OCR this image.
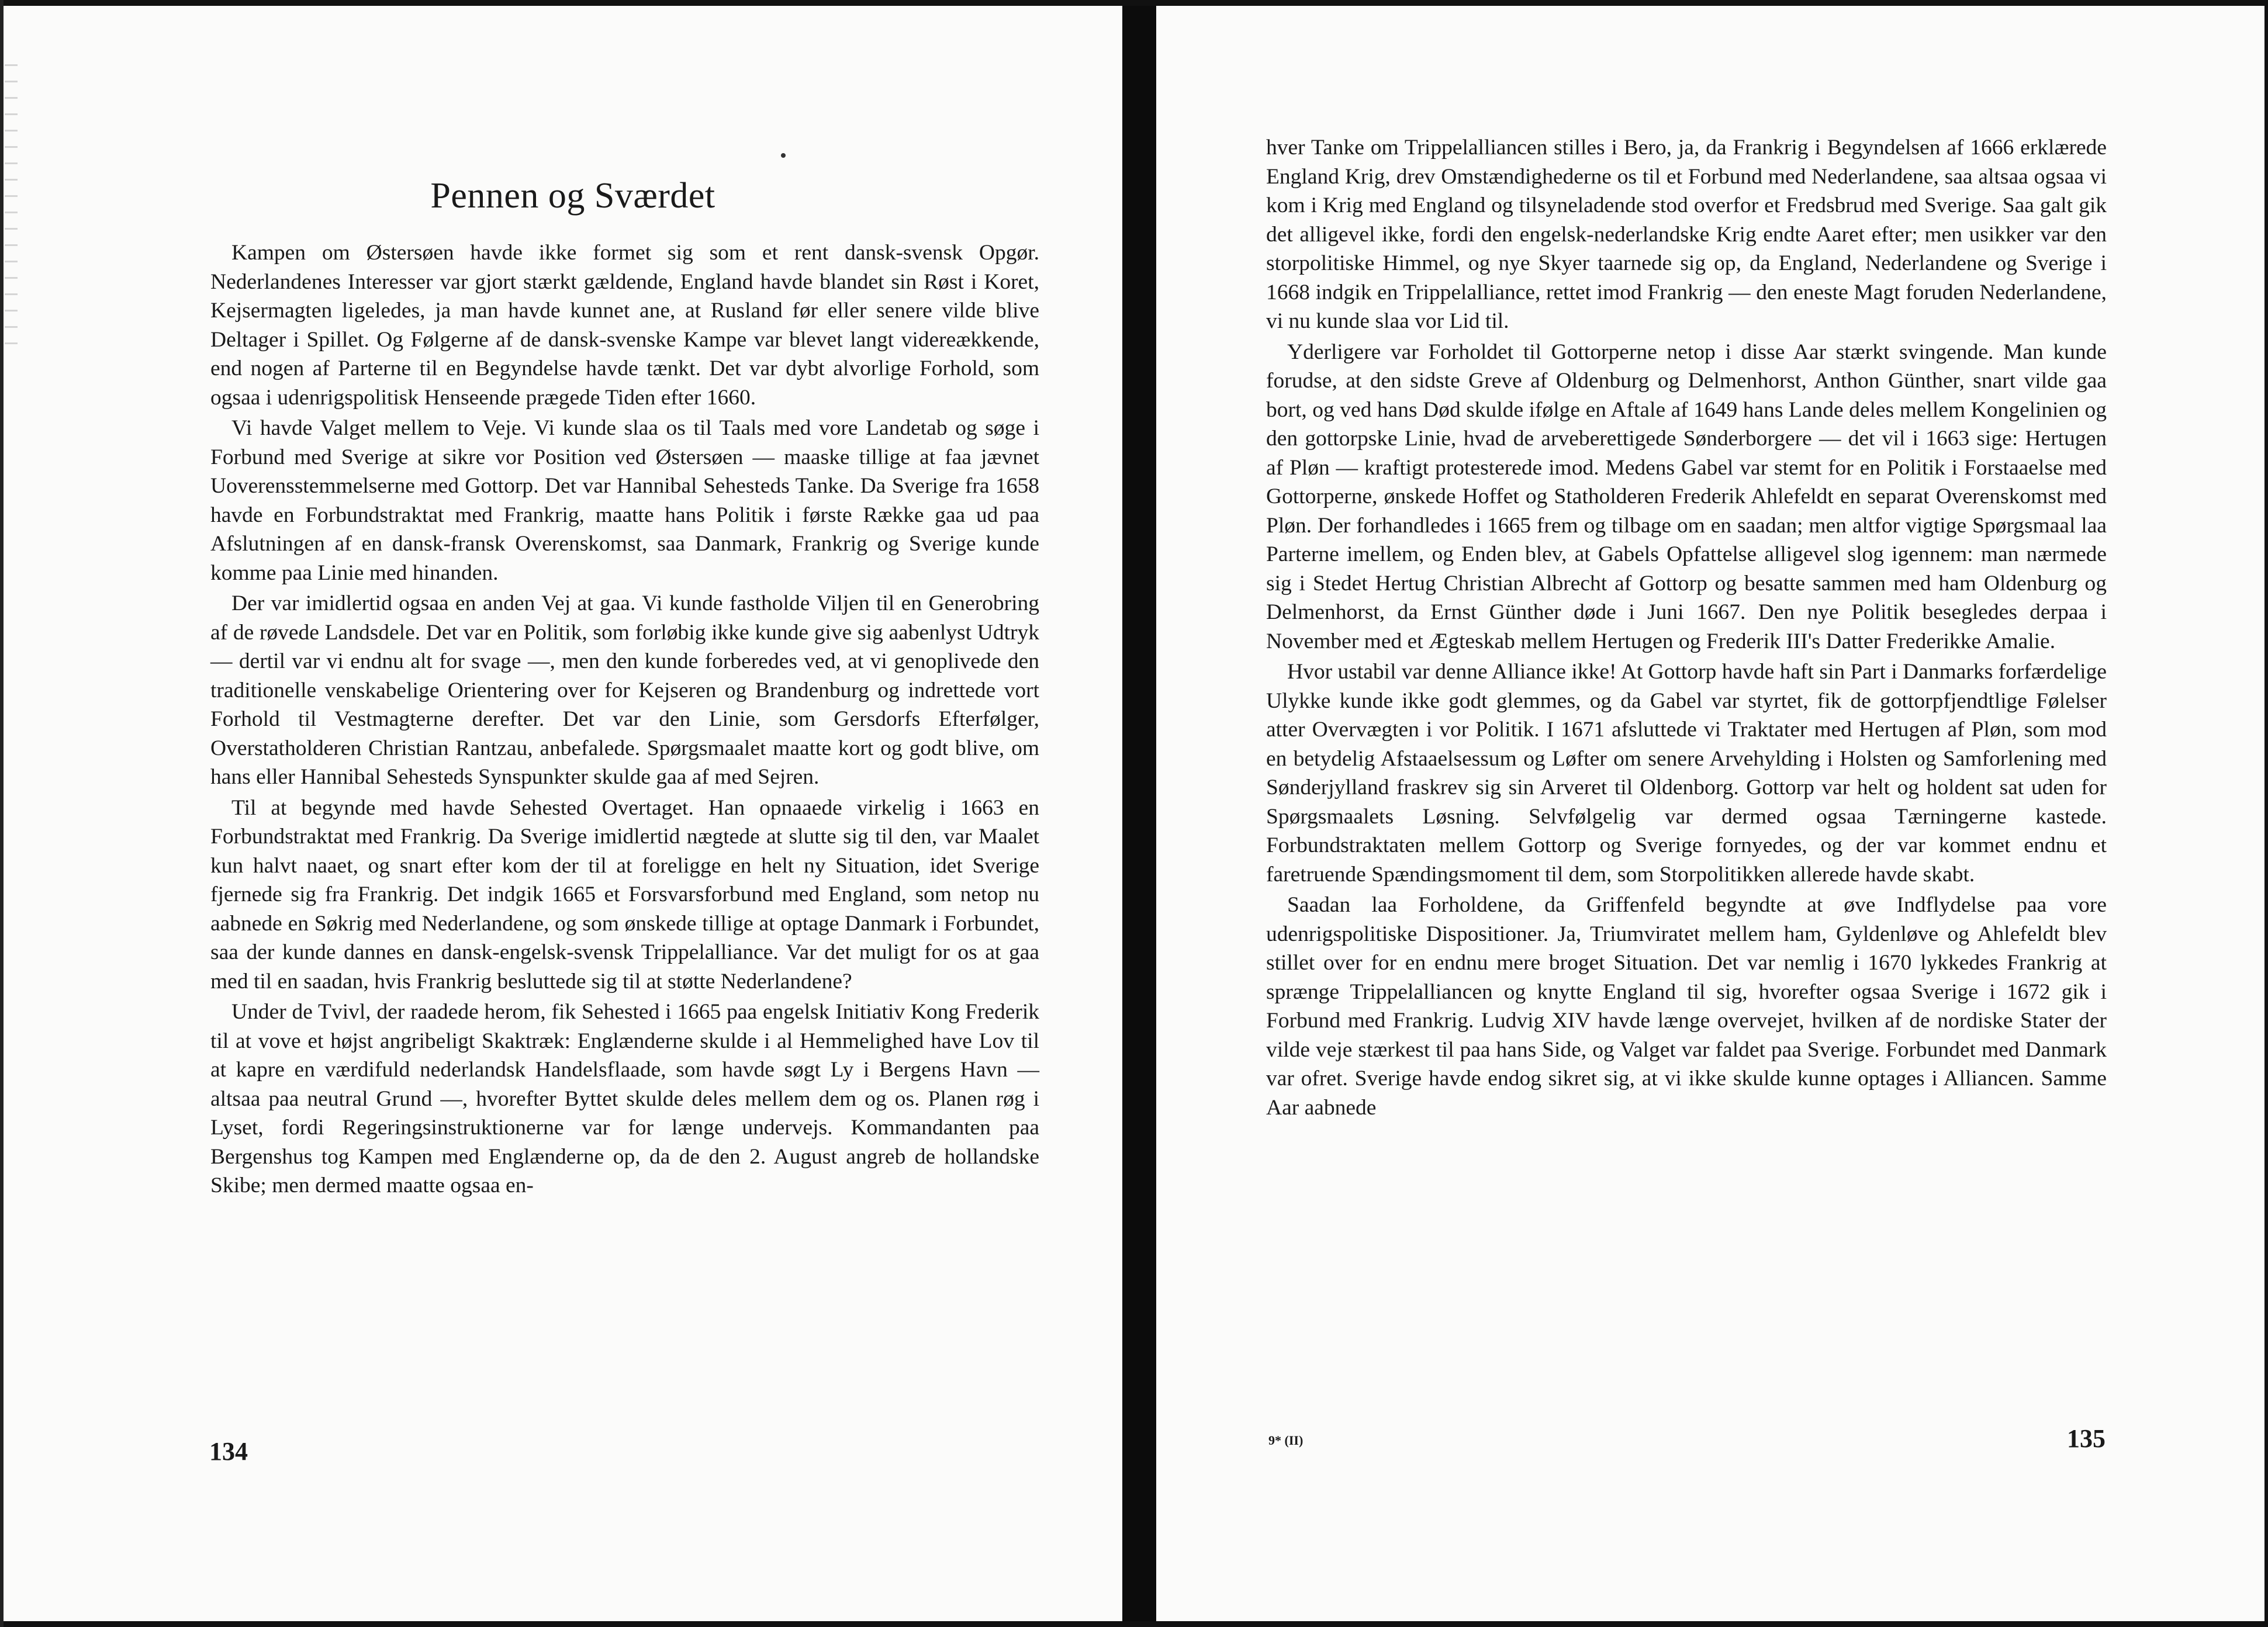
Pennen og Sværdet

Kampen om Østersøen havde ikke formet sig som et rent dansk-svensk Opgør. Nederlandenes Interesser var gjort stærkt gældende, England havde blandet sin Røst i Koret, Kejsermagten ligeledes, ja man havde kunnet ane, at Rusland før eller senere vilde blive Deltager i Spillet. Og Følgerne af de dansk-svenske Kampe var blevet langt videreækkende, end nogen af Parterne til en Begyndelse havde tænkt. Det var dybt alvorlige Forhold, som ogsaa i udenrigspolitisk Henseende prægede Tiden efter 1660.

Vi havde Valget mellem to Veje. Vi kunde slaa os til Taals med vore Landetab og søge i Forbund med Sverige at sikre vor Position ved Østersøen — maaske tillige at faa jævnet Uoverensstemmelserne med Gottorp. Det var Hannibal Sehesteds Tanke. Da Sverige fra 1658 havde en Forbundstraktat med Frankrig, maatte hans Politik i første Række gaa ud paa Afslutningen af en dansk-fransk Overenskomst, saa Danmark, Frankrig og Sverige kunde komme paa Linie med hinanden.

Der var imidlertid ogsaa en anden Vej at gaa. Vi kunde fastholde Viljen til en Generobring af de røvede Landsdele. Det var en Politik, som forløbig ikke kunde give sig aabenlyst Udtryk — dertil var vi endnu alt for svage —, men den kunde forberedes ved, at vi genoplivede den traditionelle venskabelige Orientering over for Kejseren og Brandenburg og indrettede vort Forhold til Vestmagterne derefter. Det var den Linie, som Gersdorfs Efterfølger, Overstatholderen Christian Rantzau, anbefalede. Spørgsmaalet maatte kort og godt blive, om hans eller Hannibal Sehesteds Synspunkter skulde gaa af med Sejren.

Til at begynde med havde Sehested Overtaget. Han opnaaede virkelig i 1663 en Forbundstraktat med Frankrig. Da Sverige imidlertid nægtede at slutte sig til den, var Maalet kun halvt naaet, og snart efter kom der til at foreligge en helt ny Situation, idet Sverige fjernede sig fra Frankrig. Det indgik 1665 et Forsvarsforbund med England, som netop nu aabnede en Søkrig med Nederlandene, og som ønskede tillige at optage Danmark i Forbundet, saa der kunde dannes en dansk-engelsk-svensk Trippelalliance. Var det muligt for os at gaa med til en saadan, hvis Frankrig besluttede sig til at støtte Nederlandene?

Under de Tvivl, der raadede herom, fik Sehested i 1665 paa engelsk Initiativ Kong Frederik til at vove et højst angribeligt Skaktræk: Englænderne skulde i al Hemmelighed have Lov til at kapre en værdifuld nederlandsk Handelsflaade, som havde søgt Ly i Bergens Havn — altsaa paa neutral Grund —, hvorefter Byttet skulde deles mellem dem og os. Planen røg i Lyset, fordi Regeringsinstruktionerne var for længe undervejs. Kommandanten paa Bergenshus tog Kampen med Englænderne op, da de den 2. August angreb de hollandske Skibe; men dermed maatte ogsaa en-

134

hver Tanke om Trippelalliancen stilles i Bero, ja, da Frankrig i Begyndelsen af 1666 erklærede England Krig, drev Omstændighederne os til et Forbund med Nederlandene, saa altsaa ogsaa vi kom i Krig med England og tilsyneladende stod overfor et Fredsbrud med Sverige. Saa galt gik det alligevel ikke, fordi den engelsk-nederlandske Krig endte Aaret efter; men usikker var den storpolitiske Himmel, og nye Skyer taarnede sig op, da England, Nederlandene og Sverige i 1668 indgik en Trippelalliance, rettet imod Frankrig — den eneste Magt foruden Nederlandene, vi nu kunde slaa vor Lid til.

Yderligere var Forholdet til Gottorperne netop i disse Aar stærkt svingende. Man kunde forudse, at den sidste Greve af Oldenburg og Delmenhorst, Anthon Günther, snart vilde gaa bort, og ved hans Død skulde ifølge en Aftale af 1649 hans Lande deles mellem Kongelinien og den gottorpske Linie, hvad de arveberettigede Sønderborgere — det vil i 1663 sige: Hertugen af Pløn — kraftigt protesterede imod. Medens Gabel var stemt for en Politik i Forstaaelse med Gottorperne, ønskede Hoffet og Statholderen Frederik Ahlefeldt en separat Overenskomst med Pløn. Der forhandledes i 1665 frem og tilbage om en saadan; men altfor vigtige Spørgsmaal laa Parterne imellem, og Enden blev, at Gabels Opfattelse alligevel slog igennem: man nærmede sig i Stedet Hertug Christian Albrecht af Gottorp og besatte sammen med ham Oldenburg og Delmenhorst, da Ernst Günther døde i Juni 1667. Den nye Politik besegledes derpaa i November med et Ægteskab mellem Hertugen og Frederik III's Datter Frederikke Amalie.

Hvor ustabil var denne Alliance ikke! At Gottorp havde haft sin Part i Danmarks forfærdelige Ulykke kunde ikke godt glemmes, og da Gabel var styrtet, fik de gottorpfjendtlige Følelser atter Overvægten i vor Politik. I 1671 afsluttede vi Traktater med Hertugen af Pløn, som mod en betydelig Afstaaelsessum og Løfter om senere Arvehylding i Holsten og Samforlening med Sønderjylland fraskrev sig sin Arveret til Oldenborg. Gottorp var helt og holdent sat uden for Spørgsmaalets Løsning. Selvfølgelig var dermed ogsaa Tærningerne kastede. Forbundstraktaten mellem Gottorp og Sverige fornyedes, og der var kommet endnu et faretruende Spændingsmoment til dem, som Storpolitikken allerede havde skabt.

Saadan laa Forholdene, da Griffenfeld begyndte at øve Indflydelse paa vore udenrigspolitiske Dispositioner. Ja, Triumviratet mellem ham, Gyldenløve og Ahlefeldt blev stillet over for en endnu mere broget Situation. Det var nemlig i 1670 lykkedes Frankrig at sprænge Trippelalliancen og knytte England til sig, hvorefter ogsaa Sverige i 1672 gik i Forbund med Frankrig. Ludvig XIV havde længe overvejet, hvilken af de nordiske Stater der vilde veje stærkest til paa hans Side, og Valget var faldet paa Sverige. Forbundet med Danmark var ofret. Sverige havde endog sikret sig, at vi ikke skulde kunne optages i Alliancen. Samme Aar aabnede

9* (II)	135
